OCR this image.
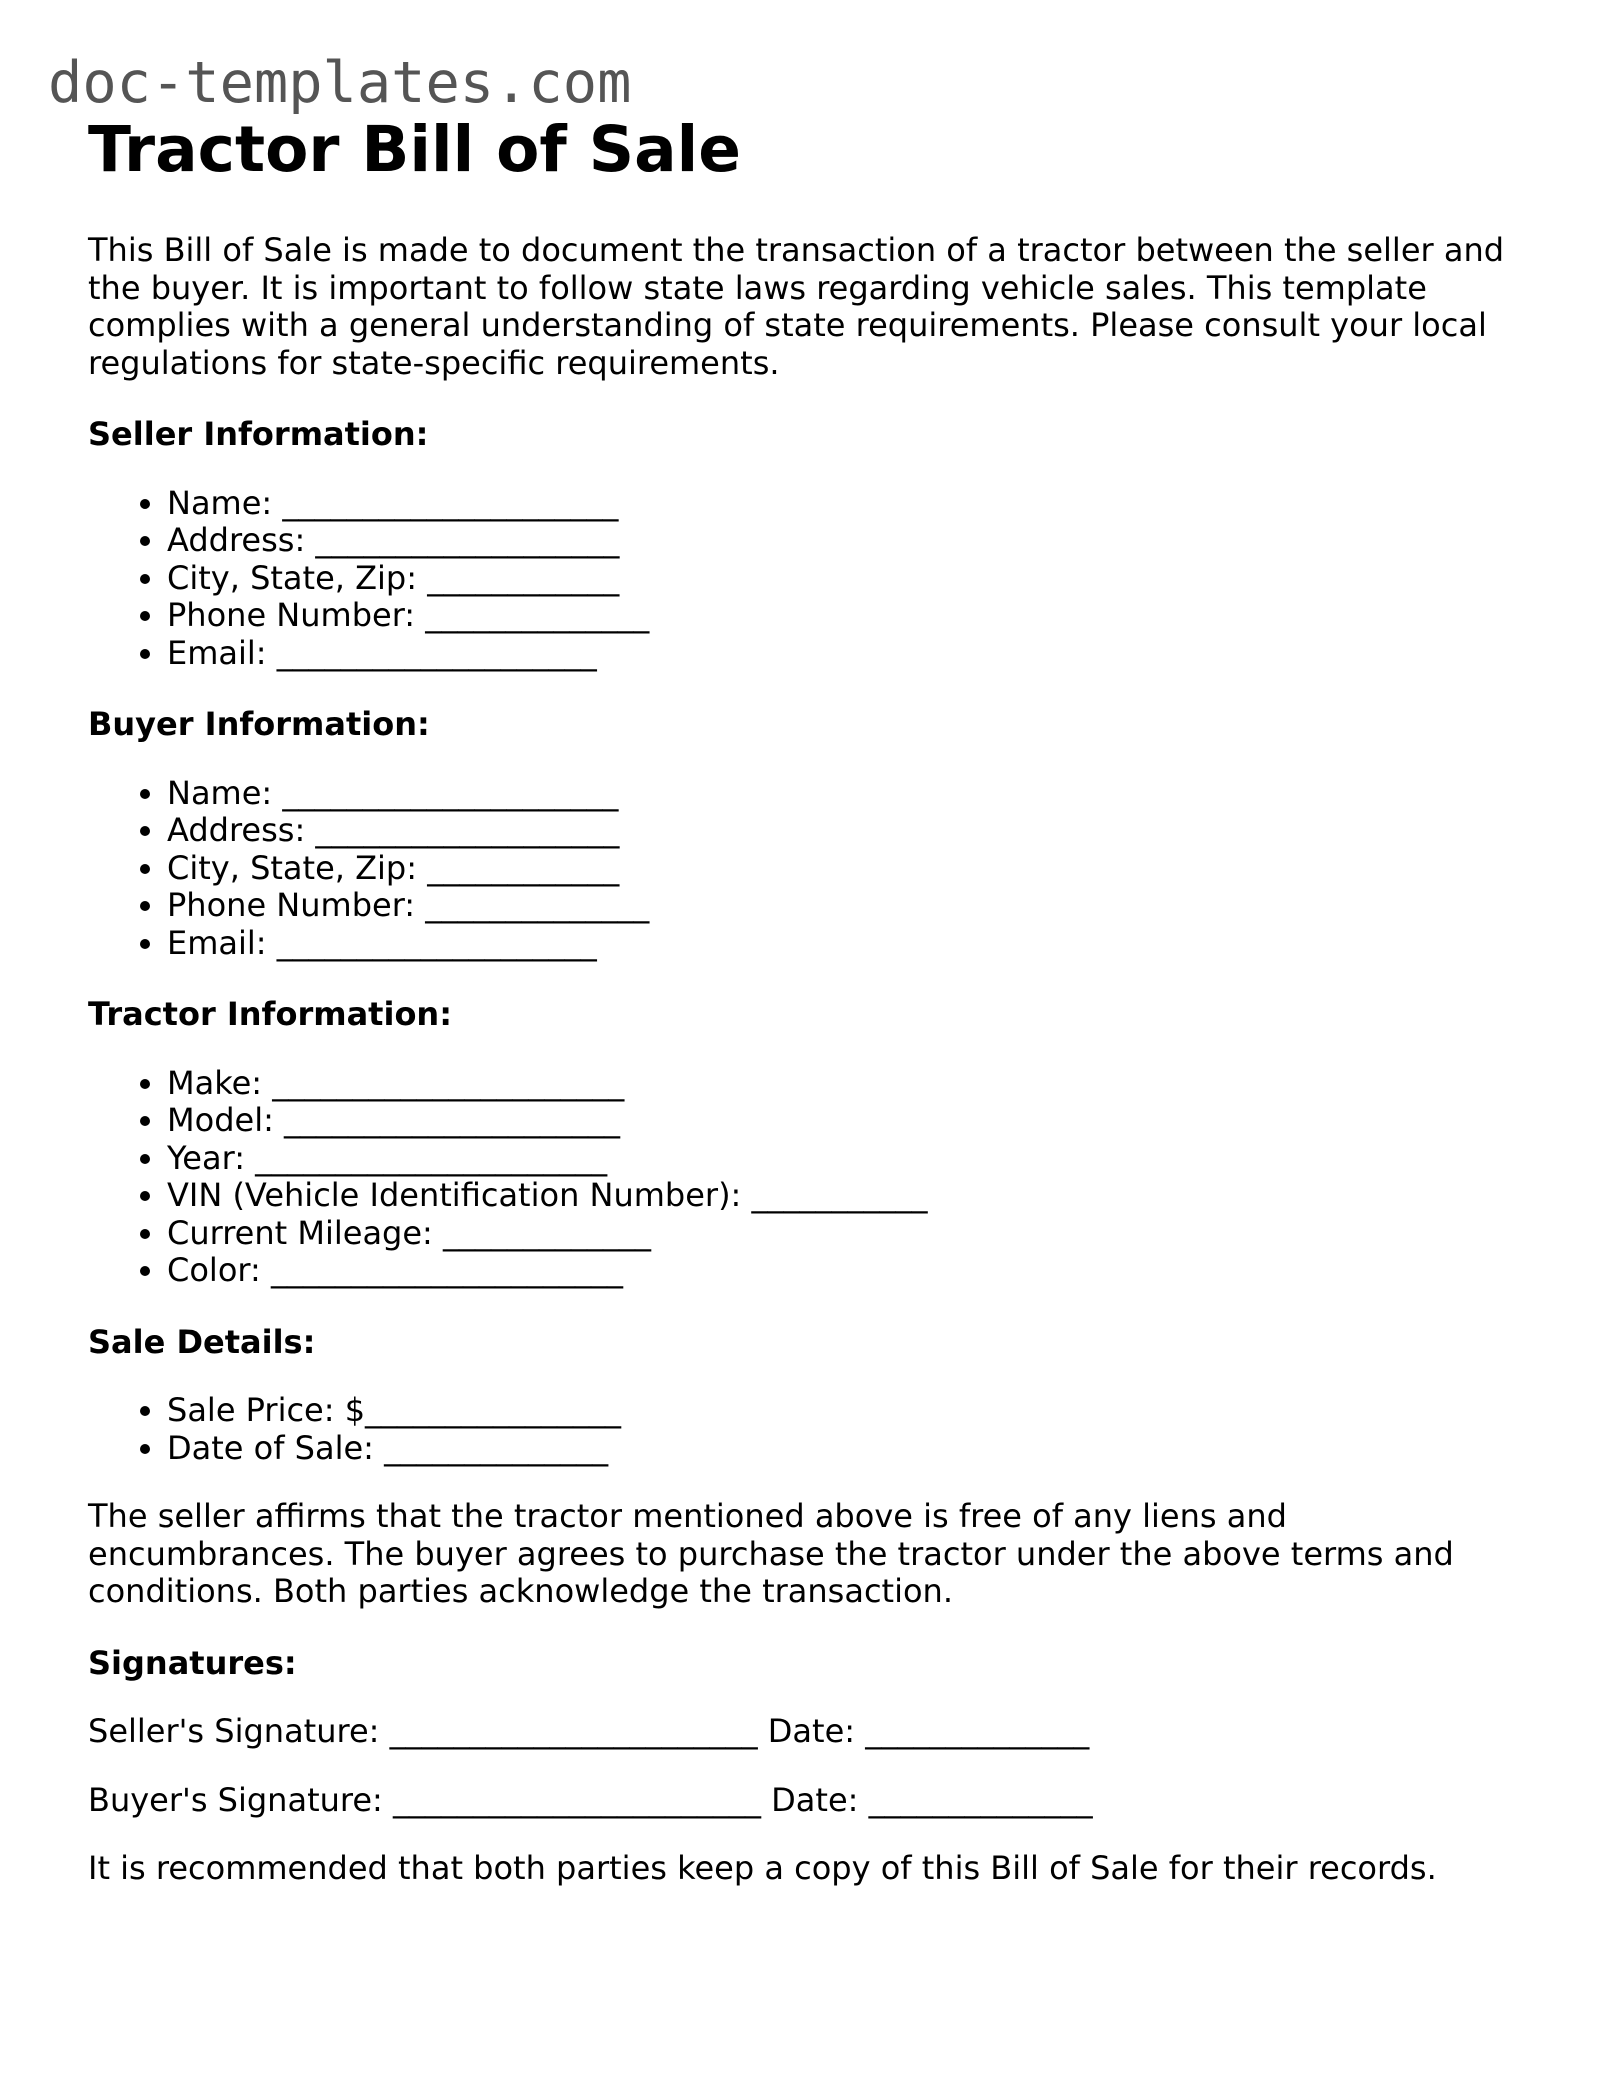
doc-templates.com
Tractor Bill of Sale

This Bill of Sale is made to document the transaction of a tractor between the seller and the buyer. It is important to follow state laws regarding vehicle sales. This template complies with a general understanding of state requirements. Please consult your local regulations for state-specific requirements.

Seller Information:
• Name: _____________________
• Address: ___________________
• City, State, Zip: ____________
• Phone Number: ______________
• Email: ____________________
Buyer Information:
• Name: _____________________
• Address: ___________________
• City, State, Zip: ____________
• Phone Number: ______________
• Email: ____________________
Tractor Information:
• Make: ______________________
• Model: _____________________
• Year: ______________________
• VIN (Vehicle Identification Number): ___________
• Current Mileage: _____________
• Color: ______________________
Sale Details:
• Sale Price: $________________
• Date of Sale: ______________

The seller affirms that the tractor mentioned above is free of any liens and encumbrances. The buyer agrees to purchase the tractor under the above terms and conditions. Both parties acknowledge the transaction.

Signatures:

Seller's Signature: _______________________ Date: ______________

Buyer's Signature: _______________________ Date: ______________

It is recommended that both parties keep a copy of this Bill of Sale for their records.
